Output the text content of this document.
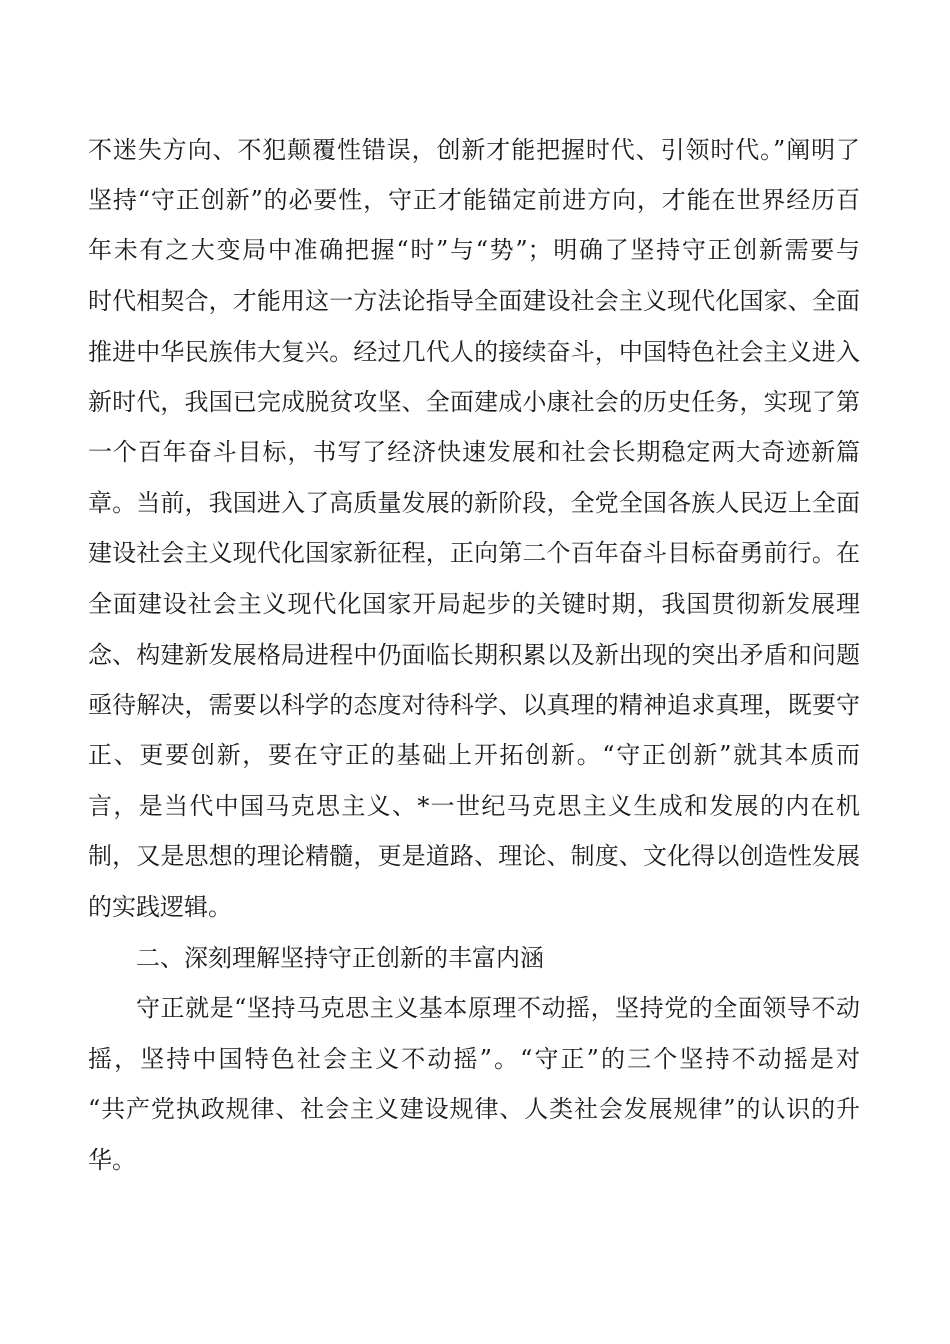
不迷失方向、不犯颠覆性错误，创新才能把握时代、引领时代。”阐明了
坚持“守正创新”的必要性，守正才能锚定前进方向，才能在世界经历百
年未有之大变局中准确把握“时”与“势”；明确了坚持守正创新需要与
时代相契合，才能用这一方法论指导全面建设社会主义现代化国家、全面
推进中华民族伟大复兴。经过几代人的接续奋斗，中国特色社会主义进入
新时代，我国已完成脱贫攻坚、全面建成小康社会的历史任务，实现了第
一个百年奋斗目标，书写了经济快速发展和社会长期稳定两大奇迹新篇
章。当前，我国进入了高质量发展的新阶段，全党全国各族人民迈上全面
建设社会主义现代化国家新征程，正向第二个百年奋斗目标奋勇前行。在
全面建设社会主义现代化国家开局起步的关键时期，我国贯彻新发展理
念、构建新发展格局进程中仍面临长期积累以及新出现的突出矛盾和问题
亟待解决，需要以科学的态度对待科学、以真理的精神追求真理，既要守
正、更要创新，要在守正的基础上开拓创新。“守正创新”就其本质而
言，是当代中国马克思主义、*一世纪马克思主义生成和发展的内在机
制，又是思想的理论精髓，更是道路、理论、制度、文化得以创造性发展
的实践逻辑。
二、深刻理解坚持守正创新的丰富内涵
守正就是“坚持马克思主义基本原理不动摇，坚持党的全面领导不动
摇，坚持中国特色社会主义不动摇”。“守正”的三个坚持不动摇是对
“共产党执政规律、社会主义建设规律、人类社会发展规律”的认识的升
华。
